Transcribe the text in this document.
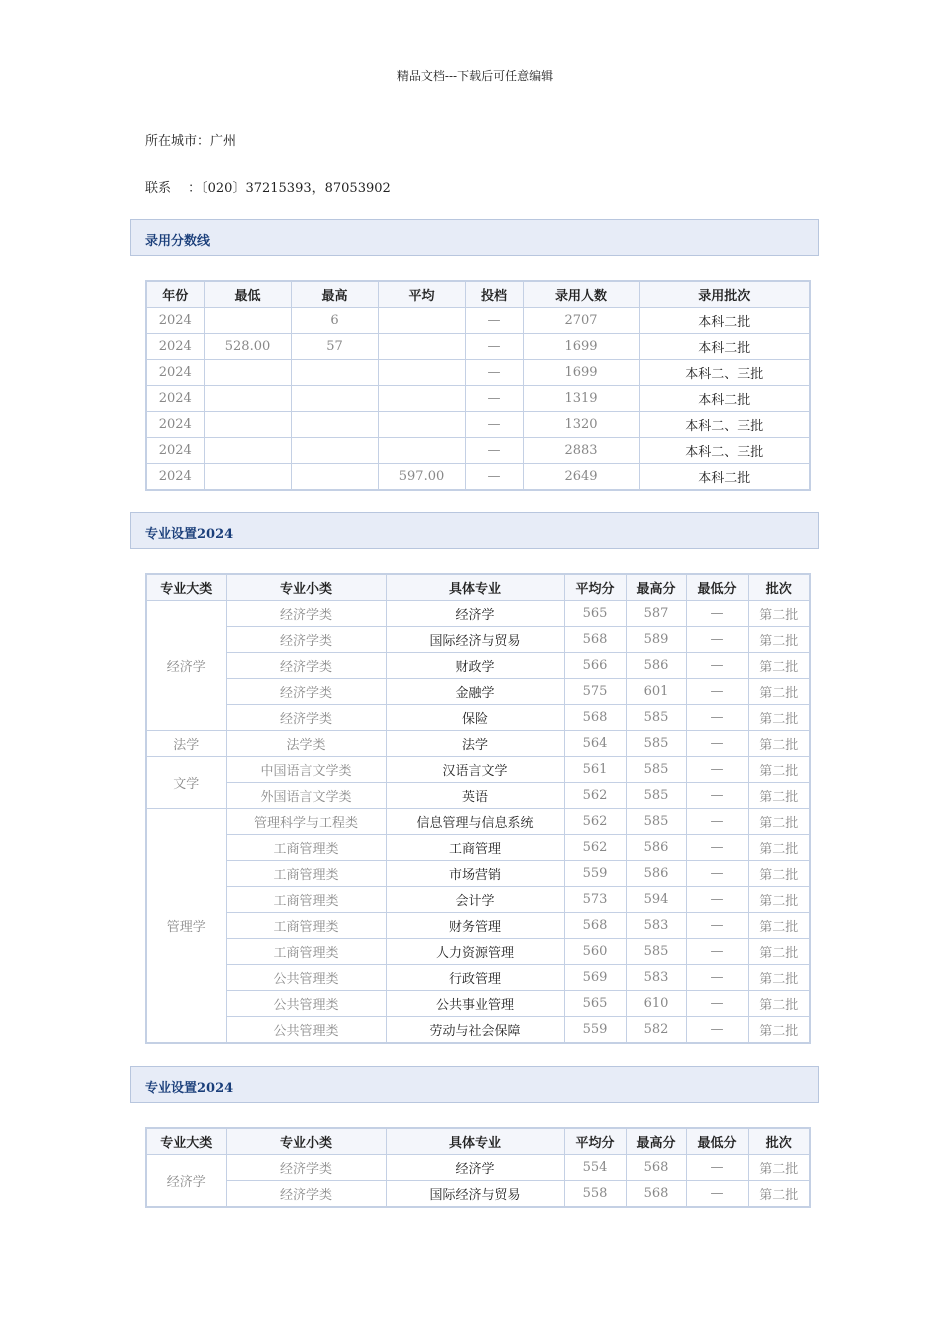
精品文档---下载后可任意编辑
所在城市：广州
联系　 ：〔020〕37215393，87053902
录用分数线
年份	最低	最高	平均	投档	录用人数	录用批次
2024		6		—	2707	本科二批
2024	528.00	57		—	1699	本科二批
2024				—	1699	本科二、三批
2024				—	1319	本科二批
2024				—	1320	本科二、三批
2024				—	2883	本科二、三批
2024			597.00	—	2649	本科二批
专业设置2024
专业大类	专业小类	具体专业	平均分	最高分	最低分	批次
经济学	经济学类	经济学	565	587	—	第二批
	经济学类	国际经济与贸易	568	589	—	第二批
	经济学类	财政学	566	586	—	第二批
	经济学类	金融学	575	601	—	第二批
	经济学类	保险	568	585	—	第二批
法学	法学类	法学	564	585	—	第二批
文学	中国语言文学类	汉语言文学	561	585	—	第二批
	外国语言文学类	英语	562	585	—	第二批
管理学	管理科学与工程类	信息管理与信息系统	562	585	—	第二批
	工商管理类	工商管理	562	586	—	第二批
	工商管理类	市场营销	559	586	—	第二批
	工商管理类	会计学	573	594	—	第二批
	工商管理类	财务管理	568	583	—	第二批
	工商管理类	人力资源管理	560	585	—	第二批
	公共管理类	行政管理	569	583	—	第二批
	公共管理类	公共事业管理	565	610	—	第二批
	公共管理类	劳动与社会保障	559	582	—	第二批
专业设置2024
专业大类	专业小类	具体专业	平均分	最高分	最低分	批次
经济学	经济学类	经济学	554	568	—	第二批
	经济学类	国际经济与贸易	558	568	—	第二批
